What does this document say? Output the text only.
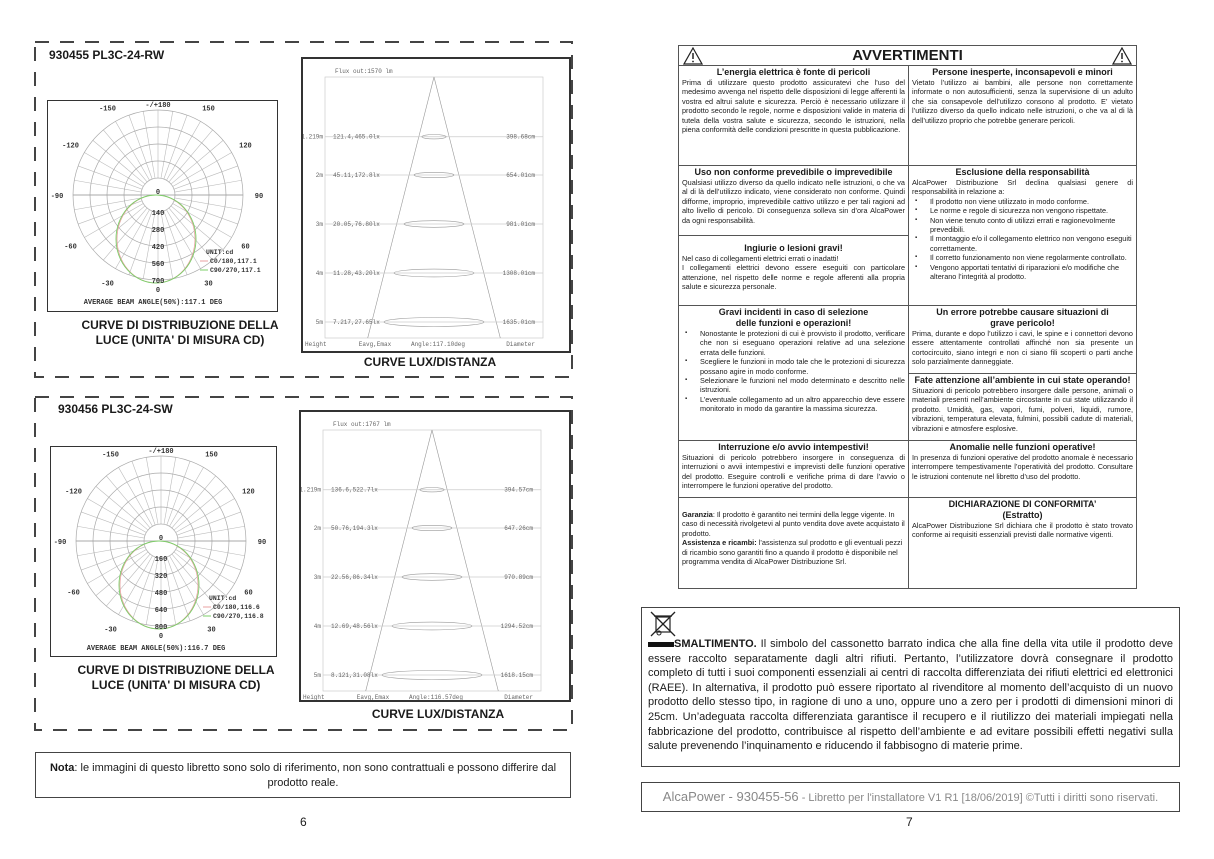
930455 PL3C-24-RW
-/+180
-150	150
-120	120
-90	90
-60	60
-30	30
0
140
280
420
560
700
0
UNIT:cd
C0/180,117.1
C90/270,117.1
AVERAGE BEAM ANGLE(50%):117.1 DEG
CURVE DI DISTRIBUZIONE DELLA
LUCE (UNITA' DI MISURA CD)
Flux out:1570 lm
1.219m 121.4,465.0lx	398.68cm
2m 45.11,172.8lx	654.01cm
3m 20.05,76.80lx	981.01cm
4m 11.28,43.20lx	1308.01cm
5m 7.217,27.65lx	1635.01cm
Height	Eavg,Emax	Angle:117.10deg	Diameter
CURVE LUX/DISTANZA
930456 PL3C-24-SW
-/+180
-150	150
-120	120
-90	90
-60	60
-30	30
0
160
320
480
640
800
0
UNIT:cd
C0/180,116.6
C90/270,116.8
AVERAGE BEAM ANGLE(50%):116.7 DEG
CURVE DI DISTRIBUZIONE DELLA
LUCE (UNITA' DI MISURA CD)
Flux out:1767 lm
1.219m 136.6,522.7lx	394.57cm
2m 50.76,194.3lx	647.26cm
3m 22.56,86.34lx	970.89cm
4m 12.69,48.56lx	1294.52cm
5m 8.121,31.08lx	1618.15cm
Height	Eavg,Emax	Angle:116.57deg	Diameter
CURVE LUX/DISTANZA
Nota: le immagini di questo libretto sono solo di riferimento, non sono contrattuali e possono differire dal prodotto reale.
6
AVVERTIMENTI
L’energia elettrica è fonte di pericoli

Prima di utilizzare questo prodotto assicuratevi che l’uso del medesimo avvenga nel rispetto delle disposizioni di legge afferenti la vostra ed altrui salute e sicurezza. Perciò è necessario utilizzare il prodotto secondo le regole, norme e disposizioni valide in materia di tutela della vostra salute e sicurezza, secondo le istruzioni, nella piena conformità delle condizioni prescritte in questa pubblicazione.

Persone inesperte, inconsapevoli e minori

Vietato l’utilizzo ai bambini, alle persone non correttamente informate o non autosufficienti, senza la supervisione di un adulto che sia consapevole dell’utilizzo consono al prodotto. E’ vietato l’utilizzo diverso da quello indicato nelle istruzioni, o che va al di là dell’utilizzo proprio che potrebbe generare pericoli.

Uso non conforme prevedibile o imprevedibile

Qualsiasi utilizzo diverso da quello indicato nelle istruzioni, o che va al di là dell’utilizzo indicato, viene considerato non conforme. Quindi difforme, improprio, imprevedibile cattivo utilizzo e per tali ragioni ad alto livello di pericolo. Di conseguenza solleva sin d’ora AlcaPower da ogni responsabilità.

Ingiurie o lesioni gravi!

Nel caso di collegamenti elettrici errati o inadatti!

I collegamenti elettrici devono essere eseguiti con particolare attenzione, nel rispetto delle norme e regole afferenti alla propria salute e sicurezza personale.

Esclusione della responsabilità

AlcaPower Distribuzione Srl declina qualsiasi genere di responsabilità in relazione a:

▪ Il prodotto non viene utilizzato in modo conforme.
▪ Le norme e regole di sicurezza non vengono rispettate.
▪ Non viene tenuto conto di utilizzi errati e ragionevolmente prevedibili.
▪ Il montaggio e/o il collegamento elettrico non vengono eseguiti correttamente.
▪ Il corretto funzionamento non viene regolarmente controllato.
▪ Vengono apportati tentativi di riparazioni e/o modifiche che alterano l’integrità al prodotto.
Gravi incidenti in caso di selezione delle funzioni e operazioni!
▪ Nonostante le protezioni di cui è provvisto il prodotto, verificare che non si eseguano operazioni relative ad una selezione errata delle funzioni.
▪ Scegliere le funzioni in modo tale che le protezioni di sicurezza possano agire in modo conforme.
▪ Selezionare le funzioni nel modo determinato e descritto nelle istruzioni.
▪ L’eventuale collegamento ad un altro apparecchio deve essere monitorato in modo da garantire la massima sicurezza.
Un errore potrebbe causare situazioni di grave pericolo!

Prima, durante e dopo l’utilizzo i cavi, le spine e i connettori devono essere attentamente controllati affinché non sia presente un cortocircuito, siano integri e non ci siano fili scoperti o parti anche solo parzialmente danneggiate.

Fate attenzione all’ambiente in cui state operando!

Situazioni di pericolo potrebbero insorgere dalle persone, animali o materiali presenti nell’ambiente circostante in cui state utilizzando il prodotto. Umidità, gas, vapori, fumi, polveri, liquidi, rumore, vibrazioni, temperatura elevata, fulmini, possibili cadute di materiali, vibrazioni e atmosfere esplosive.

Interruzione e/o avvio intempestivi!

Situazioni di pericolo potrebbero insorgere in conseguenza di interruzioni o avvii intempestivi e imprevisti delle funzioni operative del prodotto. Eseguire controlli e verifiche prima di dare l’avvio o interrompere le funzioni operative del prodotto.

Anomalie nelle funzioni operative!

In presenza di funzioni operative del prodotto anomale è necessario interrompere tempestivamente l’operatività del prodotto. Consultare le istruzioni contenute nel libretto d’uso del prodotto.

Garanzia: Il prodotto è garantito nei termini della legge vigente. In caso di necessità rivolgetevi al punto vendita dove avete acquistato il prodotto.

Assistenza e ricambi: l’assistenza sul prodotto e gli eventuali pezzi di ricambio sono garantiti fino a quando il prodotto è disponibile nel programma vendita di AlcaPower Distribuzione Srl.

DICHIARAZIONE DI CONFORMITA’
(Estratto)

AlcaPower Distribuzione Srl dichiara che il prodotto è stato trovato conforme ai requisiti essenziali previsti dalle normative vigenti.

SMALTIMENTO. Il simbolo del cassonetto barrato indica che alla fine della vita utile il prodotto deve essere raccolto separatamente dagli altri rifiuti. Pertanto, l’utilizzatore dovrà consegnare il prodotto completo di tutti i suoi componenti essenziali ai centri di raccolta differenziata dei rifiuti elettrici ed elettronici (RAEE). In alternativa, il prodotto può essere riportato al rivenditore al momento dell’acquisto di un nuovo prodotto dello stesso tipo, in ragione di uno a uno, oppure uno a zero per i prodotti di dimensioni minori di 25cm. Un’adeguata raccolta differenziata garantisce il recupero e il riutilizzo dei materiali impiegati nella fabbricazione del prodotto, contribuisce al rispetto dell’ambiente e ad evitare possibili effetti negativi sulla salute prevenendo l’inquinamento e riducendo il fabbisogno di materie prime.
AlcaPower - 930455-56 - Libretto per l'installatore V1 R1 [18/06/2019] ©Tutti i diritti sono riservati.
7
